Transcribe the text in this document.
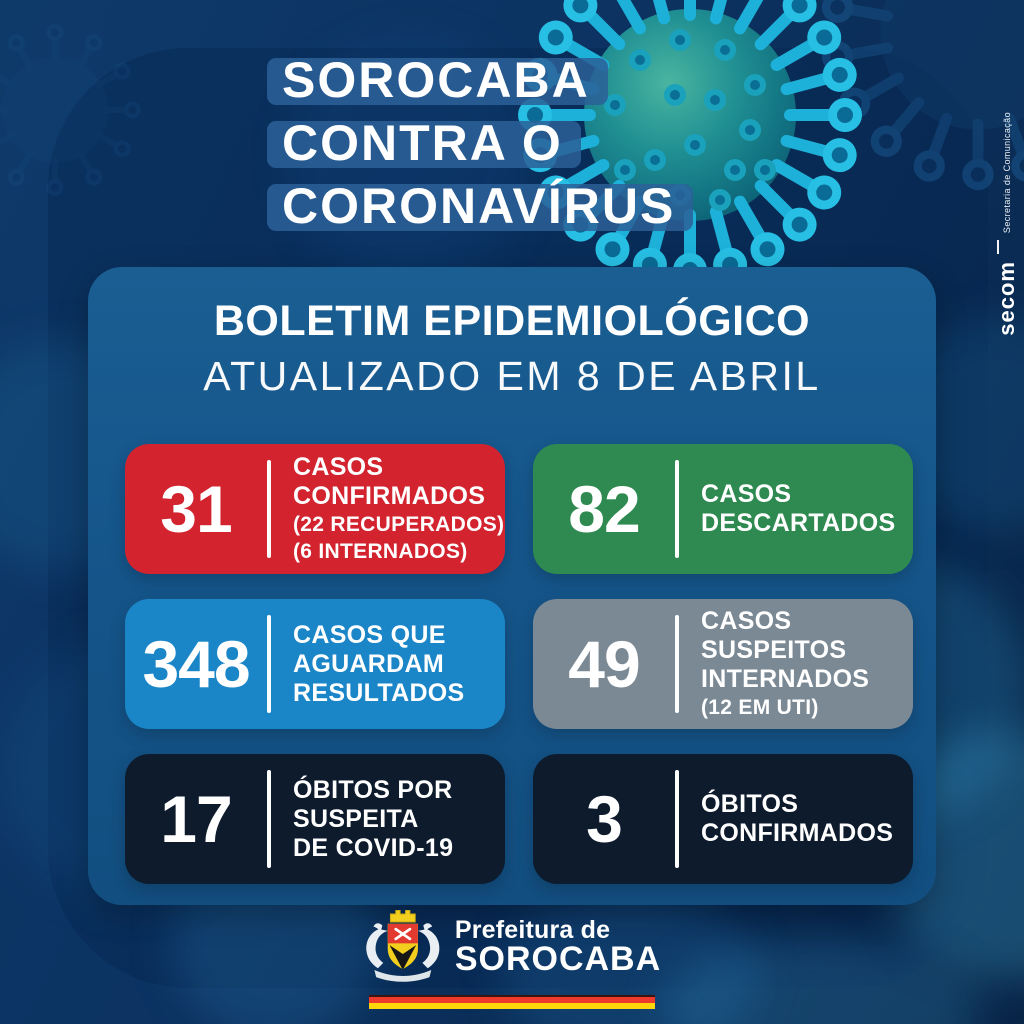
Secretaria de Comunicação
secom
SOROCABA
CONTRA O
CORONAVÍRUS
BOLETIM EPIDEMIOLÓGICO
ATUALIZADO EM 8 DE ABRIL
31
CASOS
CONFIRMADOS
(22 RECUPERADOS)
(6 INTERNADOS)
82	CASOS
DESCARTADOS
348	CASOS QUE
AGUARDAM
RESULTADOS	49
CASOS
SUSPEITOS
INTERNADOS
(12 EM UTI)
17	ÓBITOS POR
SUSPEITA
DE COVID-19	3	ÓBITOS
CONFIRMADOS
Prefeitura de
SOROCABA
